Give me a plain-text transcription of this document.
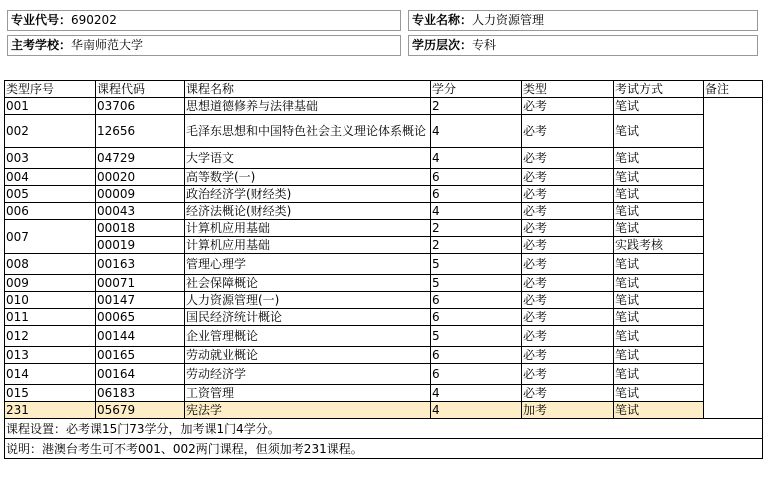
专业代号：690202	专业名称：人力资源管理
主考学校：华南师范大学	学历层次：专科
类型序号	课程代码	课程名称	学分	类型	考试方式	备注
001	03706	思想道德修养与法律基础	2	必考	笔试	
002	12656	毛泽东思想和中国特色社会主义理论体系概论	4	必考	笔试	
003	04729	大学语文	4	必考	笔试	
004	00020	高等数学(一)	6	必考	笔试	
005	00009	政治经济学(财经类)	6	必考	笔试	
006	00043	经济法概论(财经类)	4	必考	笔试	
007	00018	计算机应用基础	2	必考	笔试	
	00019	计算机应用基础	2	必考	实践考核	
008	00163	管理心理学	5	必考	笔试	
009	00071	社会保障概论	5	必考	笔试	
010	00147	人力资源管理(一)	6	必考	笔试	
011	00065	国民经济统计概论	6	必考	笔试	
012	00144	企业管理概论	5	必考	笔试	
013	00165	劳动就业概论	6	必考	笔试	
014	00164	劳动经济学	6	必考	笔试	
015	06183	工资管理	4	必考	笔试	
231	05679	宪法学	4	加考	笔试	
课程设置：必考课15门73学分，加考课1门4学分。						
说明：港澳台考生可不考001、002两门课程，但须加考231课程。						
